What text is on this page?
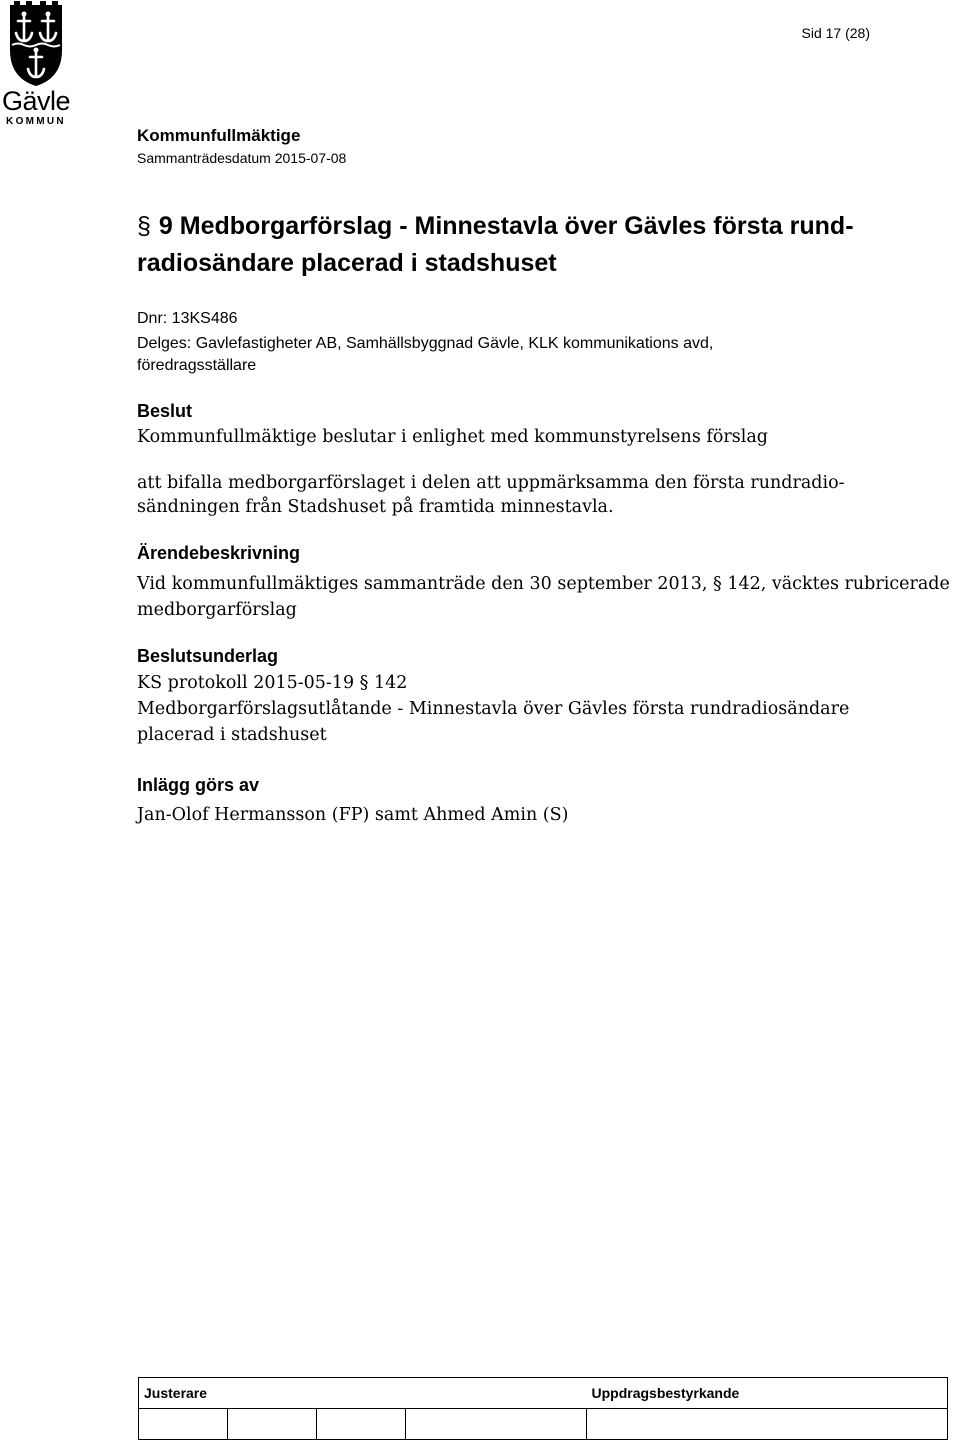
Gävle
KOMMUN
Sid 17 (28)
Kommunfullmäktige
Sammanträdesdatum 2015-07-08
§ 9 Medborgarförslag - Minnestavla över Gävles första rund-
radiosändare placerad i stadshuset
Dnr: 13KS486
Delges: Gavlefastigheter AB, Samhällsbyggnad Gävle, KLK kommunikations avd,
föredragsställare
Beslut
Kommunfullmäktige beslutar i enlighet med kommunstyrelsens förslag
att bifalla medborgarförslaget i delen att uppmärksamma den första rundradio-
sändningen från Stadshuset på framtida minnestavla.
Ärendebeskrivning
Vid kommunfullmäktiges sammanträde den 30 september 2013, § 142, väcktes rubricerade
medborgarförslag
Beslutsunderlag
KS protokoll 2015-05-19 § 142
Medborgarförslagsutlåtande - Minnestavla över Gävles första rundradiosändare
placerad i stadshuset
Inlägg görs av
Jan-Olof Hermansson (FP) samt Ahmed Amin (S)
Justerare				Uppdragsbestyrkande
